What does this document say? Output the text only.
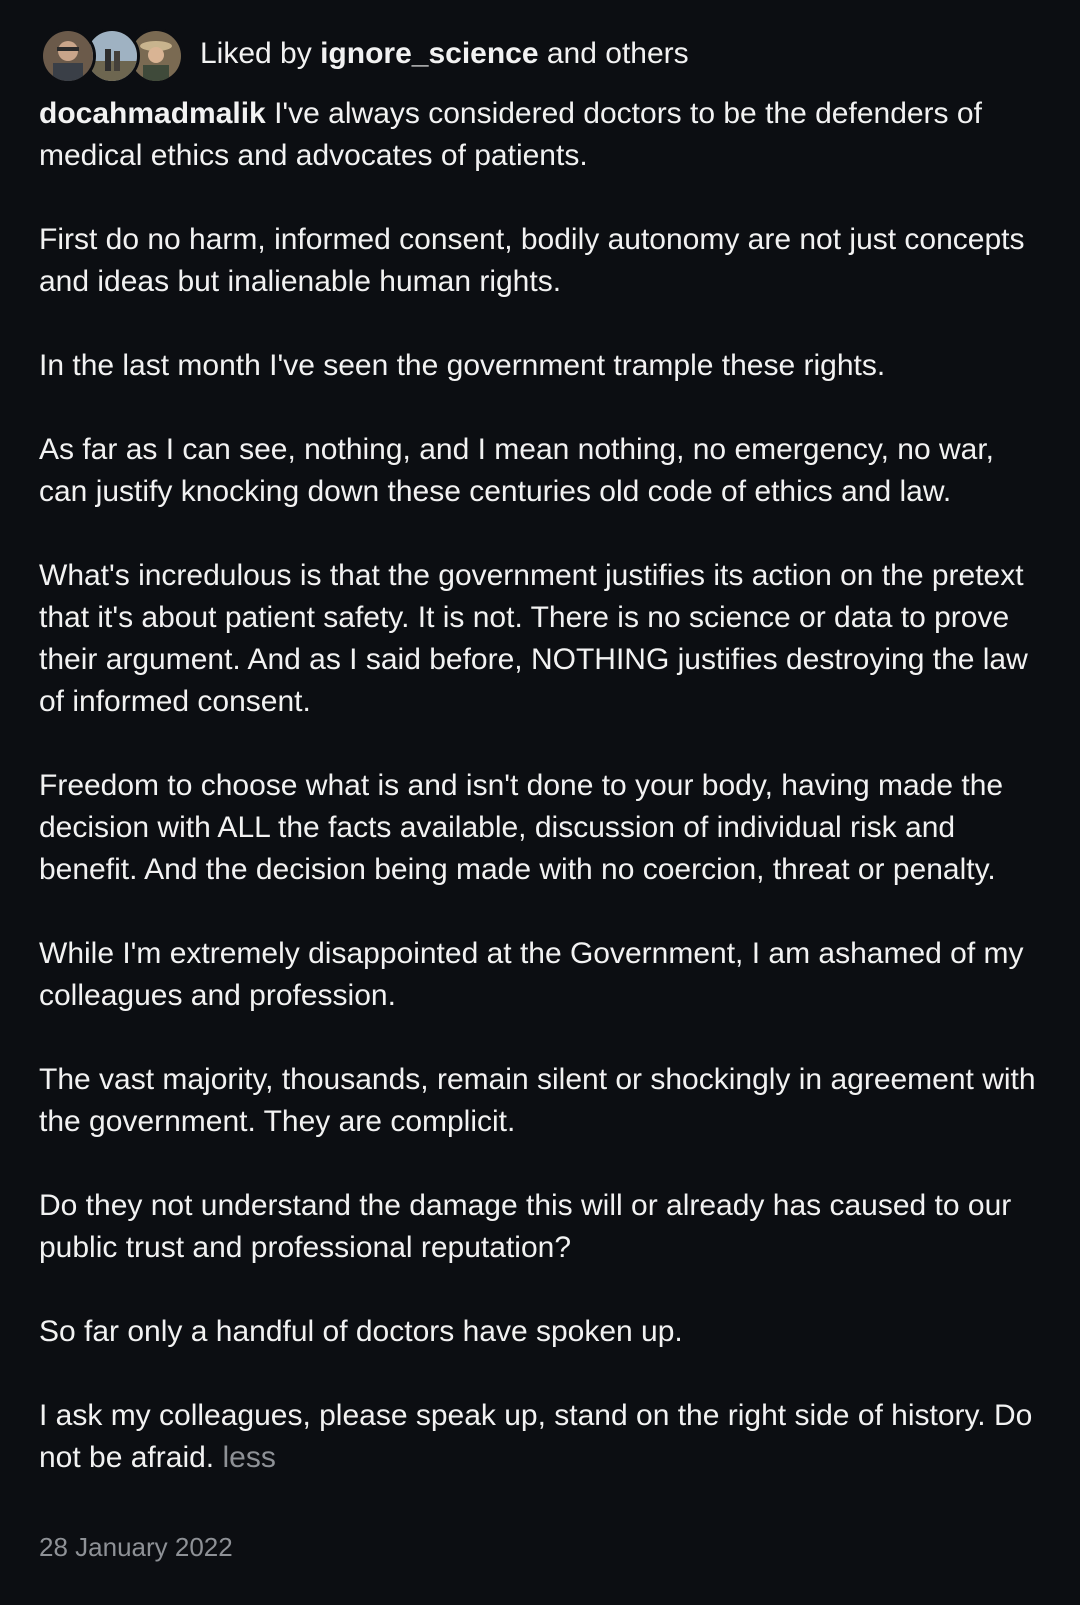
Liked by ignore_science and others

docahmadmalik I've always considered doctors to be the defenders of medical ethics and advocates of patients.

First do no harm, informed consent, bodily autonomy are not just concepts and ideas but inalienable human rights.

In the last month I've seen the government trample these rights.

As far as I can see, nothing, and I mean nothing, no emergency, no war, can justify knocking down these centuries old code of ethics and law.

What's incredulous is that the government justifies its action on the pretext that it's about patient safety. It is not. There is no science or data to prove their argument. And as I said before, NOTHING justifies destroying the law of informed consent.

Freedom to choose what is and isn't done to your body, having made the decision with ALL the facts available, discussion of individual risk and benefit. And the decision being made with no coercion, threat or penalty.

While I'm extremely disappointed at the Government, I am ashamed of my colleagues and profession.

The vast majority, thousands, remain silent or shockingly in agreement with the government. They are complicit.

Do they not understand the damage this will or already has caused to our public trust and professional reputation?

So far only a handful of doctors have spoken up.

I ask my colleagues, please speak up, stand on the right side of history. Do not be afraid. less

28 January 2022
